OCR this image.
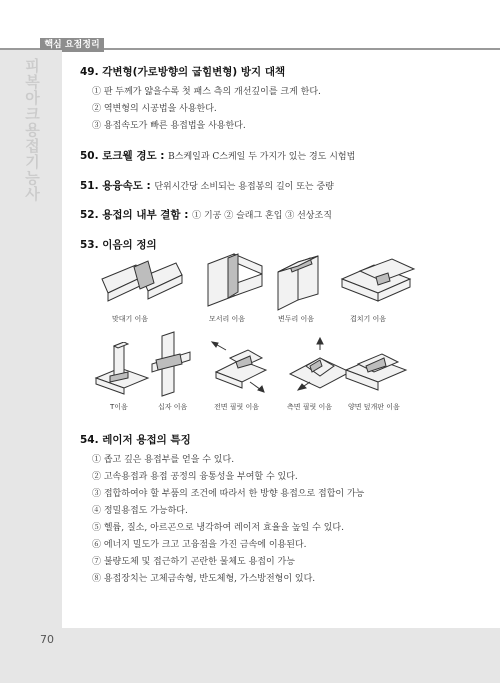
핵심 요점정리
피복아크용접기능사
70
49. 각변형(가로방향의 굽힘변형) 방지 대책
① 판 두께가 얇을수록 첫 패스 측의 개선깊이를 크게 한다.
② 역변형의 시공법을 사용한다.
③ 용접속도가 빠른 용접법을 사용한다.
50. 로크웰 경도 : B스케일과 C스케일 두 가지가 있는 경도 시험법
51. 용융속도 : 단위시간당 소비되는 용접봉의 길이 또는 중량
52. 용접의 내부 결함 : ① 기공 ② 슬래그 혼입 ③ 선상조직
53. 이음의 정의
맞대기 이음	모서리 이음	변두리 이음	겹치기 이음
T이음	십자 이음	전면 필릿 이음	측면 필릿 이음 양면 덮개판 이음
54. 레이저 용접의 특징
① 좁고 깊은 용접부를 얻을 수 있다.
② 고속용접과 용접 공정의 융통성을 부여할 수 있다.
③ 접합하여야 할 부품의 조건에 따라서 한 방향 용접으로 접합이 가능
④ 정밀용접도 가능하다.
⑤ 헬륨, 질소, 아르곤으로 냉각하여 레이저 효율을 높일 수 있다.
⑥ 에너지 밀도가 크고 고융점을 가진 금속에 이용된다.
⑦ 불량도체 및 접근하기 곤란한 물체도 용접이 가능
⑧ 용접장치는 고체금속형, 반도체형, 가스방전형이 있다.
